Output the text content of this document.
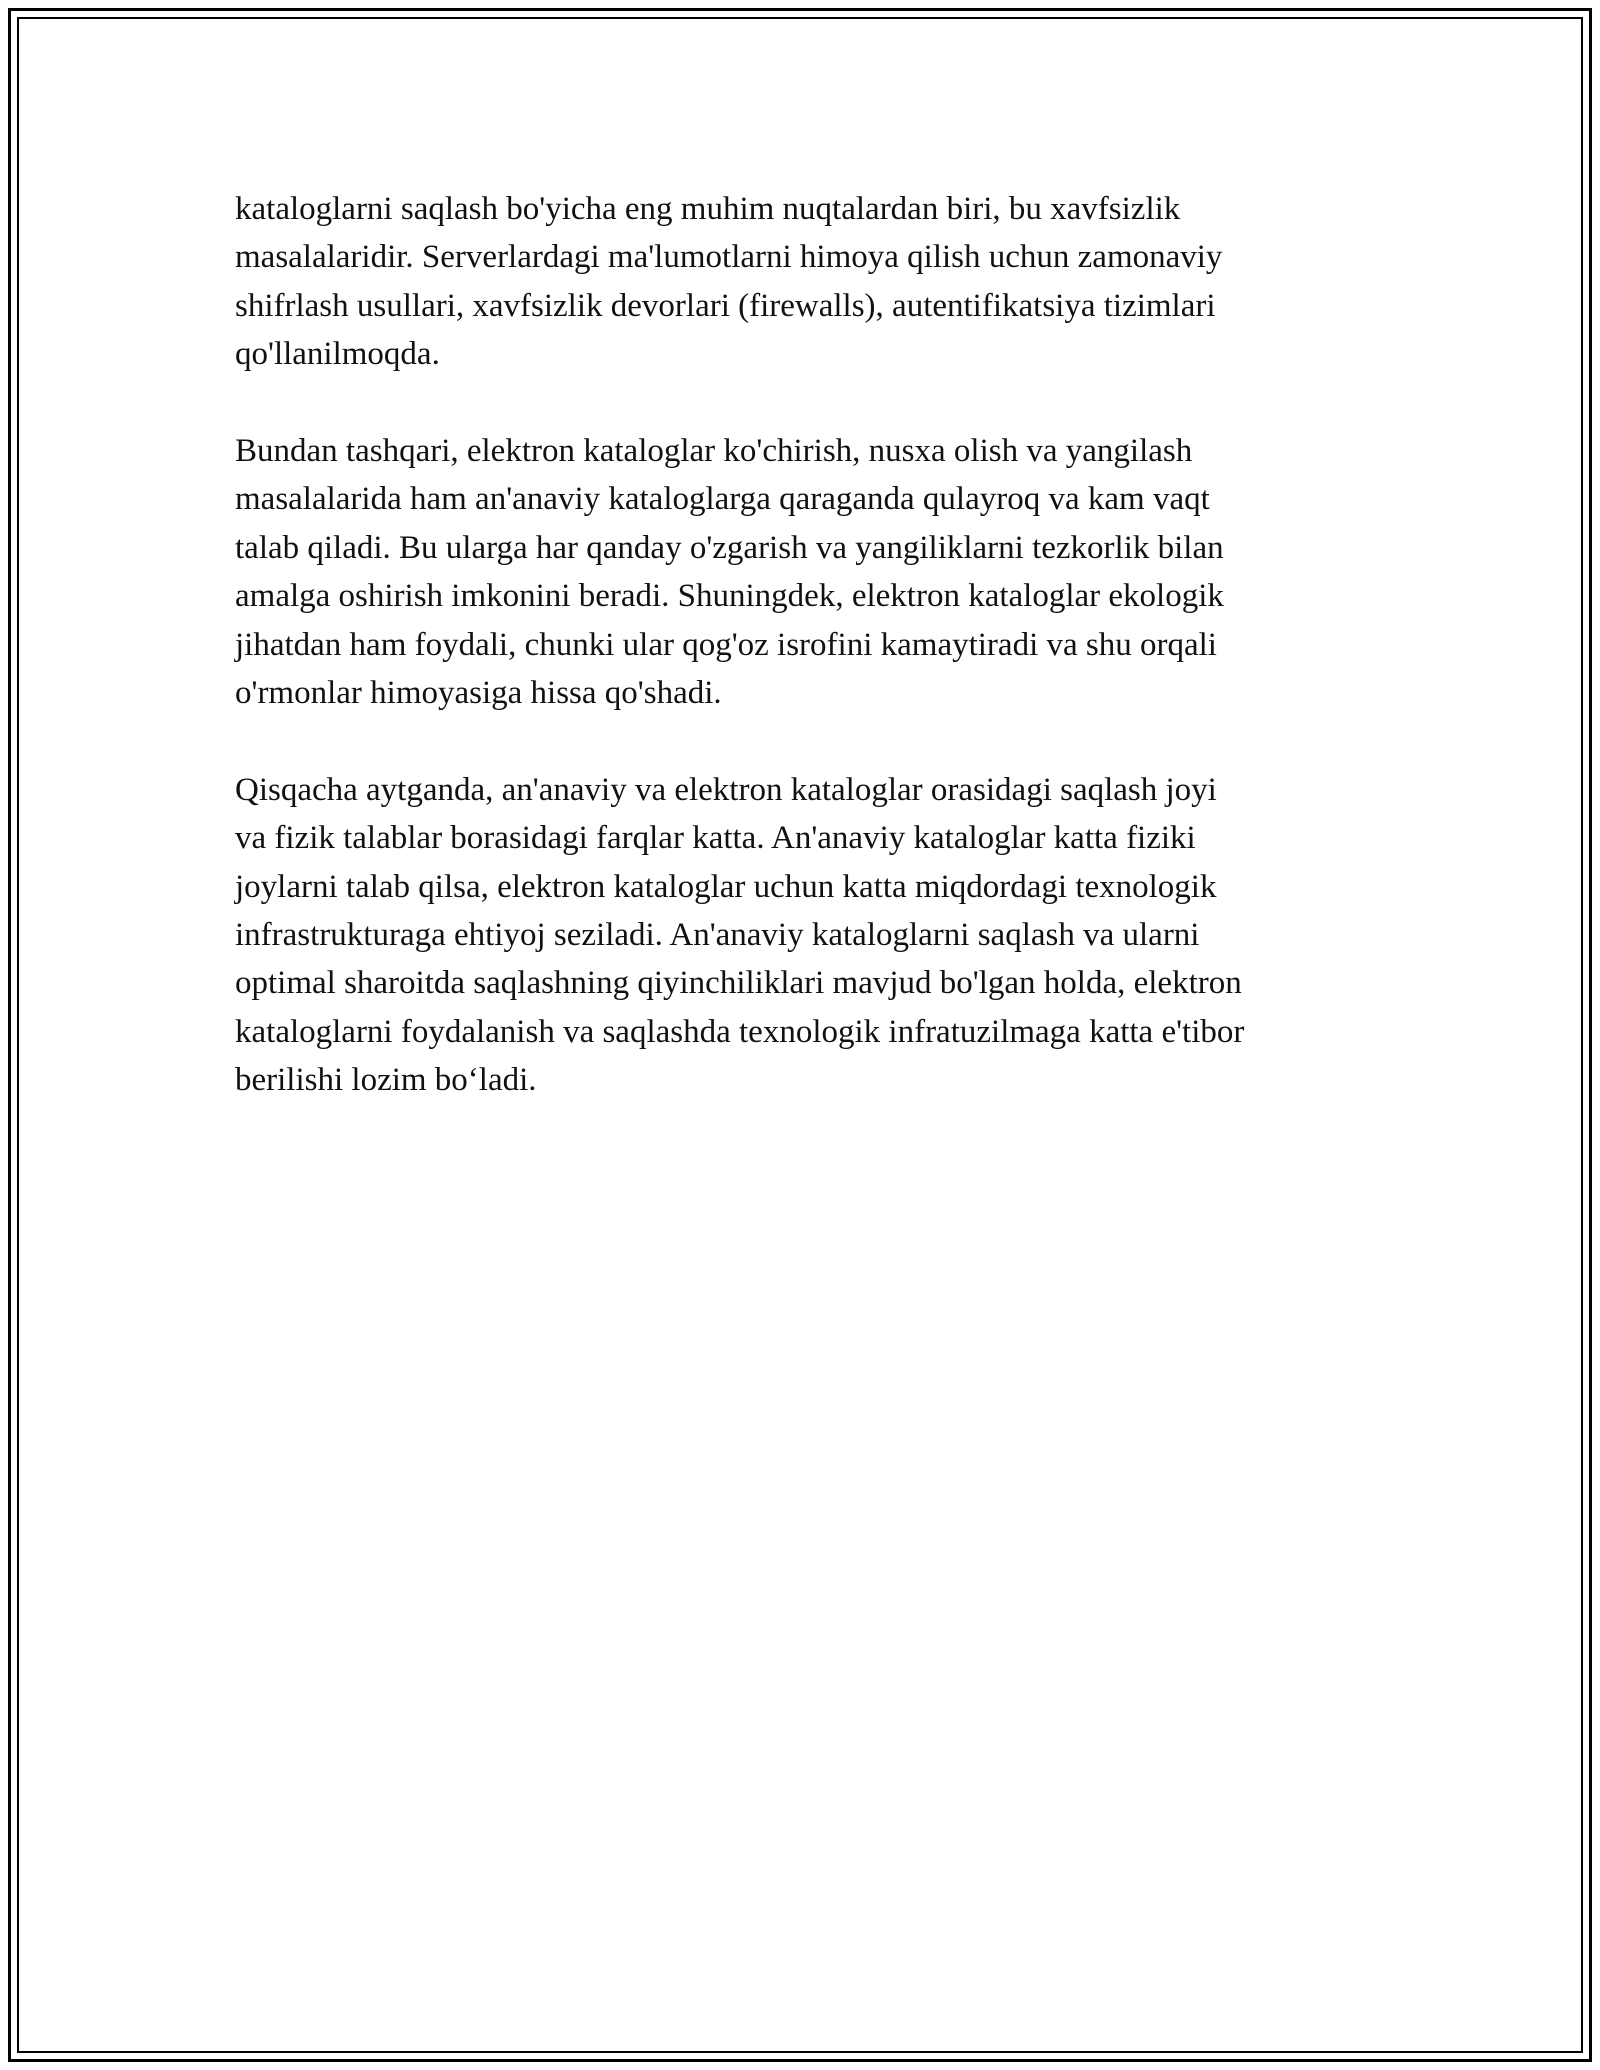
kataloglarni saqlash bo'yicha eng muhim nuqtalardan biri, bu xavfsizlik
masalalaridir. Serverlardagi ma'lumotlarni himoya qilish uchun zamonaviy
shifrlash usullari, xavfsizlik devorlari (firewalls), autentifikatsiya tizimlari
qo'llanilmoqda.

Bundan tashqari, elektron kataloglar ko'chirish, nusxa olish va yangilash
masalalarida ham an'anaviy kataloglarga qaraganda qulayroq va kam vaqt
talab qiladi. Bu ularga har qanday o'zgarish va yangiliklarni tezkorlik bilan
amalga oshirish imkonini beradi. Shuningdek, elektron kataloglar ekologik
jihatdan ham foydali, chunki ular qog'oz isrofini kamaytiradi va shu orqali
o'rmonlar himoyasiga hissa qo'shadi.

Qisqacha aytganda, an'anaviy va elektron kataloglar orasidagi saqlash joyi
va fizik talablar borasidagi farqlar katta. An'anaviy kataloglar katta fiziki
joylarni talab qilsa, elektron kataloglar uchun katta miqdordagi texnologik
infrastrukturaga ehtiyoj seziladi. An'anaviy kataloglarni saqlash va ularni
optimal sharoitda saqlashning qiyinchiliklari mavjud bo'lgan holda, elektron
kataloglarni foydalanish va saqlashda texnologik infratuzilmaga katta e'tibor
berilishi lozim bo‘ladi.
